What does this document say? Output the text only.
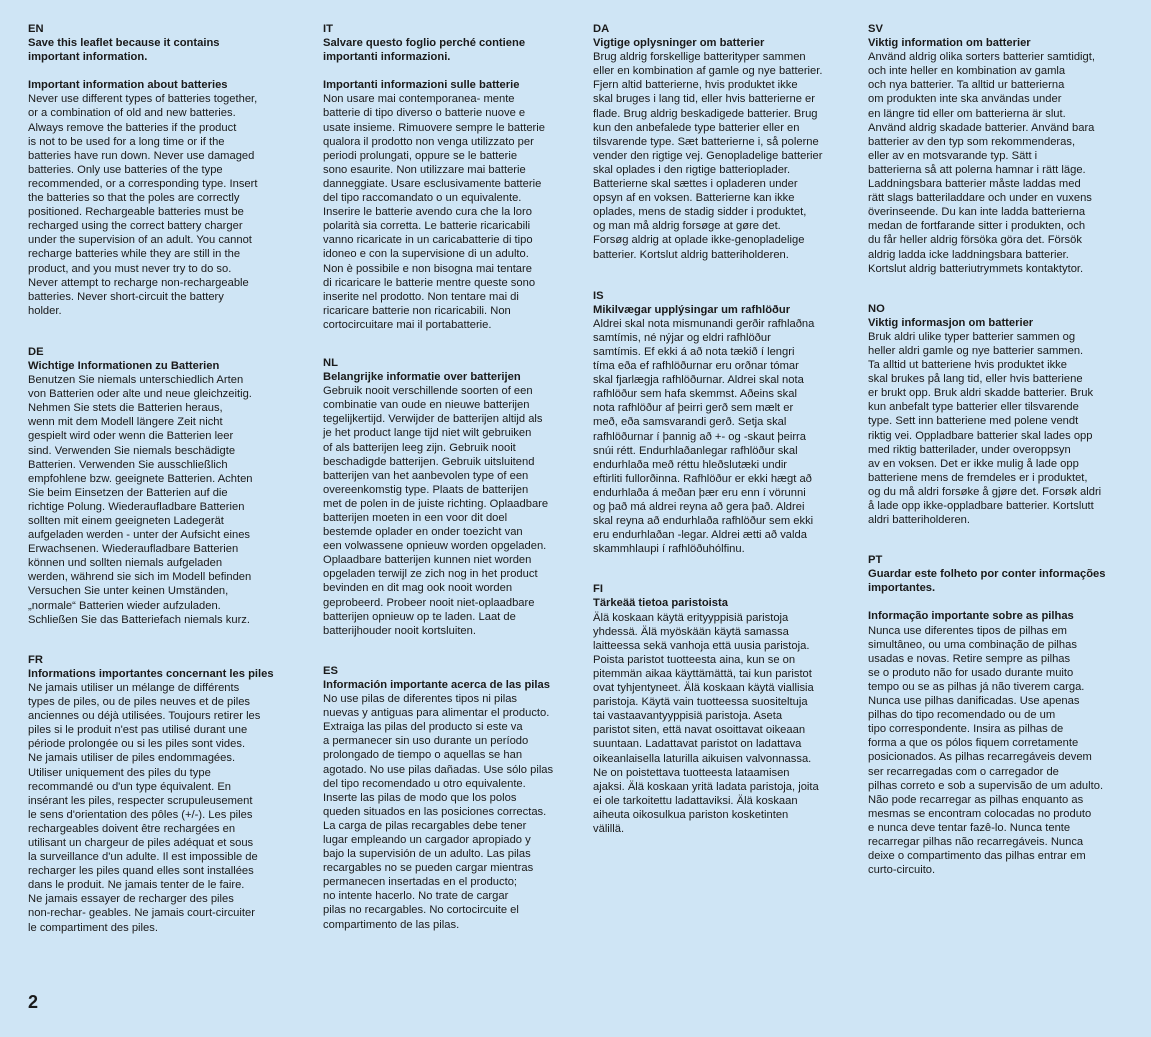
EN
Save this leaflet because it contains
important information.
Important information about batteries
Never use different types of batteries together,
or a combination of old and new batteries.
Always remove the batteries if the product
is not to be used for a long time or if the
batteries have run down. Never use damaged
batteries. Only use batteries of the type
recommended, or a corresponding type. Insert
the batteries so that the poles are correctly
positioned. Rechargeable batteries must be
recharged using the correct battery charger
under the supervision of an adult. You cannot
recharge batteries while they are still in the
product, and you must never try to do so.
Never attempt to recharge non-rechargeable
batteries. Never short-circuit the battery
holder.
DE
Wichtige Informationen zu Batterien
Benutzen Sie niemals unterschiedlich Arten
von Batterien oder alte und neue gleichzeitig.
Nehmen Sie stets die Batterien heraus,
wenn mit dem Modell längere Zeit nicht
gespielt wird oder wenn die Batterien leer
sind. Verwenden Sie niemals beschädigte
Batterien. Verwenden Sie ausschließlich
empfohlene bzw. geeignete Batterien. Achten
Sie beim Einsetzen der Batterien auf die
richtige Polung. Wiederaufladbare Batterien
sollten mit einem geeigneten Ladegerät
aufgeladen werden - unter der Aufsicht eines
Erwachsenen. Wiederaufladbare Batterien
können und sollten niemals aufgeladen
werden, während sie sich im Modell befinden
Versuchen Sie unter keinen Umständen,
„normale“ Batterien wieder aufzuladen.
Schließen Sie das Batteriefach niemals kurz.
FR
Informations importantes concernant les piles
Ne jamais utiliser un mélange de différents
types de piles, ou de piles neuves et de piles
anciennes ou déjà utilisées. Toujours retirer les
piles si le produit n'est pas utilisé durant une
période prolongée ou si les piles sont vides.
Ne jamais utiliser de piles endommagées.
Utiliser uniquement des piles du type
recommandé ou d'un type équivalent. En
insérant les piles, respecter scrupuleusement
le sens d'orientation des pôles (+/-). Les piles
rechargeables doivent être rechargées en
utilisant un chargeur de piles adéquat et sous
la surveillance d'un adulte. Il est impossible de
recharger les piles quand elles sont installées
dans le produit. Ne jamais tenter de le faire.
Ne jamais essayer de recharger des piles
non-rechar- geables. Ne jamais court-circuiter
le compartiment des piles.
IT
Salvare questo foglio perché contiene
importanti informazioni.
Importanti informazioni sulle batterie
Non usare mai contemporanea- mente
batterie di tipo diverso o batterie nuove e
usate insieme. Rimuovere sempre le batterie
qualora il prodotto non venga utilizzato per
periodi prolungati, oppure se le batterie
sono esaurite. Non utilizzare mai batterie
danneggiate. Usare esclusivamente batterie
del tipo raccomandato o un equivalente.
Inserire le batterie avendo cura che la loro
polarità sia corretta. Le batterie ricaricabili
vanno ricaricate in un caricabatterie di tipo
idoneo e con la supervisione di un adulto.
Non è possibile e non bisogna mai tentare
di ricaricare le batterie mentre queste sono
inserite nel prodotto. Non tentare mai di
ricaricare batterie non ricaricabili. Non
cortocircuitare mai il portabatterie.
NL
Belangrijke informatie over batterijen
Gebruik nooit verschillende soorten of een
combinatie van oude en nieuwe batterijen
tegelijkertijd. Verwijder de batterijen altijd als
je het product lange tijd niet wilt gebruiken
of als batterijen leeg zijn. Gebruik nooit
beschadigde batterijen. Gebruik uitsluitend
batterijen van het aanbevolen type of een
overeenkomstig type. Plaats de batterijen
met de polen in de juiste richting. Oplaadbare
batterijen moeten in een voor dit doel
bestemde oplader en onder toezicht van
een volwassene opnieuw worden opgeladen.
Oplaadbare batterijen kunnen niet worden
opgeladen terwijl ze zich nog in het product
bevinden en dit mag ook nooit worden
geprobeerd. Probeer nooit niet-oplaadbare
batterijen opnieuw op te laden. Laat de
batterijhouder nooit kortsluiten.
ES
Información importante acerca de las pilas
No use pilas de diferentes tipos ni pilas
nuevas y antiguas para alimentar el producto.
Extraiga las pilas del producto si este va
a permanecer sin uso durante un período
prolongado de tiempo o aquellas se han
agotado. No use pilas dañadas. Use sólo pilas
del tipo recomendado u otro equivalente.
Inserte las pilas de modo que los polos
queden situados en las posiciones correctas.
La carga de pilas recargables debe tener
lugar empleando un cargador apropiado y
bajo la supervisión de un adulto. Las pilas
recargables no se pueden cargar mientras
permanecen insertadas en el producto;
no intente hacerlo. No trate de cargar
pilas no recargables. No cortocircuite el
compartimento de las pilas.
DA
Vigtige oplysninger om batterier
Brug aldrig forskellige batterityper sammen
eller en kombination af gamle og nye batterier.
Fjern altid batterierne, hvis produktet ikke
skal bruges i lang tid, eller hvis batterierne er
flade. Brug aldrig beskadigede batterier. Brug
kun den anbefalede type batterier eller en
tilsvarende type. Sæt batterierne i, så polerne
vender den rigtige vej. Genopladelige batterier
skal oplades i den rigtige batterioplader.
Batterierne skal sættes i opladeren under
opsyn af en voksen. Batterierne kan ikke
oplades, mens de stadig sidder i produktet,
og man må aldrig forsøge at gøre det.
Forsøg aldrig at oplade ikke-genopladelige
batterier. Kortslut aldrig batteriholderen.
IS
Mikilvægar upplýsingar um rafhlöður
Aldrei skal nota mismunandi gerðir rafhlaðna
samtímis, né nýjar og eldri rafhlöður
samtímis. Ef ekki á að nota tækið í lengri
tíma eða ef rafhlöðurnar eru orðnar tómar
skal fjarlægja rafhlöðurnar. Aldrei skal nota
rafhlöður sem hafa skemmst. Aðeins skal
nota rafhlöður af þeirri gerð sem mælt er
með, eða samsvarandi gerð. Setja skal
rafhlöðurnar í þannig að +- og -skaut þeirra
snúi rétt. Endurhlaðanlegar rafhlöður skal
endurhlaða með réttu hleðslutæki undir
eftirliti fullorðinna. Rafhlöður er ekki hægt að
endurhlaða á meðan þær eru enn í vörunni
og það má aldrei reyna að gera það. Aldrei
skal reyna að endurhlaða rafhlöður sem ekki
eru endurhlaðan -legar. Aldrei ætti að valda
skammhlaupi í rafhlöðuhólfinu.
FI
Tärkeää tietoa paristoista
Älä koskaan käytä erityyppisiä paristoja
yhdessä. Älä myöskään käytä samassa
laitteessa sekä vanhoja että uusia paristoja.
Poista paristot tuotteesta aina, kun se on
pitemmän aikaa käyttämättä, tai kun paristot
ovat tyhjentyneet. Älä koskaan käytä viallisia
paristoja. Käytä vain tuotteessa suositeltuja
tai vastaavantyyppisiä paristoja. Aseta
paristot siten, että navat osoittavat oikeaan
suuntaan. Ladattavat paristot on ladattava
oikeanlaisella laturilla aikuisen valvonnassa.
Ne on poistettava tuotteesta lataamisen
ajaksi. Älä koskaan yritä ladata paristoja, joita
ei ole tarkoitettu ladattaviksi. Älä koskaan
aiheuta oikosulkua pariston kosketinten
välillä.
SV
Viktig information om batterier
Använd aldrig olika sorters batterier samtidigt,
och inte heller en kombination av gamla
och nya batterier. Ta alltid ur batterierna
om produkten inte ska användas under
en längre tid eller om batterierna är slut.
Använd aldrig skadade batterier. Använd bara
batterier av den typ som rekommenderas,
eller av en motsvarande typ. Sätt i
batterierna så att polerna hamnar i rätt läge.
Laddningsbara batterier måste laddas med
rätt slags batteriladdare och under en vuxens
överinseende. Du kan inte ladda batterierna
medan de fortfarande sitter i produkten, och
du får heller aldrig försöka göra det. Försök
aldrig ladda icke laddningsbara batterier.
Kortslut aldrig batteriutrymmets kontaktytor.
NO
Viktig informasjon om batterier
Bruk aldri ulike typer batterier sammen og
heller aldri gamle og nye batterier sammen.
Ta alltid ut batteriene hvis produktet ikke
skal brukes på lang tid, eller hvis batteriene
er brukt opp. Bruk aldri skadde batterier. Bruk
kun anbefalt type batterier eller tilsvarende
type. Sett inn batteriene med polene vendt
riktig vei. Oppladbare batterier skal lades opp
med riktig batterilader, under overoppsyn
av en voksen. Det er ikke mulig å lade opp
batteriene mens de fremdeles er i produktet,
og du må aldri forsøke å gjøre det. Forsøk aldri
å lade opp ikke-oppladbare batterier. Kortslutt
aldri batteriholderen.
PT
Guardar este folheto por conter informações
importantes.
Informação importante sobre as pilhas
Nunca use diferentes tipos de pilhas em
simultâneo, ou uma combinação de pilhas
usadas e novas. Retire sempre as pilhas
se o produto não for usado durante muito
tempo ou se as pilhas já não tiverem carga.
Nunca use pilhas danificadas. Use apenas
pilhas do tipo recomendado ou de um
tipo correspondente. Insira as pilhas de
forma a que os pólos fiquem corretamente
posicionados. As pilhas recarregáveis devem
ser recarregadas com o carregador de
pilhas correto e sob a supervisão de um adulto.
Não pode recarregar as pilhas enquanto as
mesmas se encontram colocadas no produto
e nunca deve tentar fazê-lo. Nunca tente
recarregar pilhas não recarregáveis. Nunca
deixe o compartimento das pilhas entrar em
curto-circuito.
2
